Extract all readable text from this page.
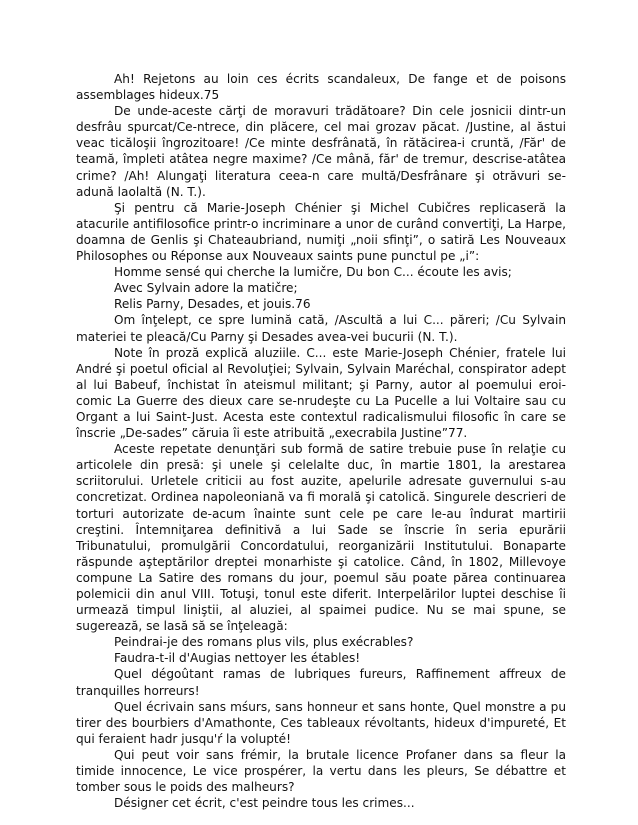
Ah! Rejetons au loin ces écrits scandaleux, De fange et de poisons assemblages hideux.75

De unde-aceste cărţi de moravuri trădătoare? Din cele josnicii dintr-un desfrâu spurcat/Ce-ntrece, din plăcere, cel mai grozav păcat. /Justine, al ăstui veac ticăloşii îngrozitoare! /Ce minte desfrânată, în rătăcirea-i cruntă, /Făr' de teamă, împleti atâtea negre maxime? /Ce mână, făr' de tremur, descrise-atâtea crime? /Ah! Alungaţi literatura ceea-n care multă/Desfrânare şi otrăvuri se-adună laolaltă (N. T.).

Şi pentru că Marie-Joseph Chénier şi Michel Cubičres replicaseră la atacurile antifilosofice printr-o incriminare a unor de curând convertiţi, La Harpe, doamna de Genlis şi Chateaubriand, numiţi „noii sfinţi”, o satiră Les Nouveaux Philosophes ou Réponse aux Nouveaux saints pune punctul pe „i”:

Homme sensé qui cherche la lumičre, Du bon C... écoute les avis;

Avec Sylvain adore la matičre;

Relis Parny, Desades, et jouis.76

Om înţelept, ce spre lumină cată, /Ascultă a lui C... păreri; /Cu Sylvain materiei te pleacă/Cu Parny şi Desades avea-vei bucurii (N. T.).

Note în proză explică aluziile. C... este Marie-Joseph Chénier, fratele lui André şi poetul oficial al Revoluţiei; Sylvain, Sylvain Maréchal, conspirator adept al lui Babeuf, închistat în ateismul militant; şi Parny, autor al poemului eroi-comic La Guerre des dieux care se-nrudeşte cu La Pucelle a lui Voltaire sau cu Organt a lui Saint-Just. Acesta este contextul radicalismului filosofic în care se înscrie „De-sades” căruia îi este atribuită „execrabila Justine”77.

Aceste repetate denunţări sub formă de satire trebuie puse în relaţie cu articolele din presă: şi unele şi celelalte duc, în martie 1801, la arestarea scriitorului. Urletele criticii au fost auzite, apelurile adresate guvernului s-au concretizat. Ordinea napoleoniană va fi morală şi catolică. Singurele descrieri de torturi autorizate de-acum înainte sunt cele pe care le-au îndurat martirii creştini. Întemniţarea definitivă a lui Sade se înscrie în seria epurării Tribunatului, promulgării Concordatului, reorganizării Institutului. Bonaparte răspunde aşteptărilor dreptei monarhiste şi catolice. Când, în 1802, Millevoye compune La Satire des romans du jour, poemul său poate părea continuarea polemicii din anul VIII. Totuşi, tonul este diferit. Interpelărilor luptei deschise îi urmează timpul liniştii, al aluziei, al spaimei pudice. Nu se mai spune, se sugerează, se lasă să se înţeleagă:

Peindrai-je des romans plus vils, plus exécrables?

Faudra-t-il d'Augias nettoyer les étables!

Quel dégoûtant ramas de lubriques fureurs, Raffinement affreux de tranquilles horreurs!

Quel écrivain sans mśurs, sans honneur et sans honte, Quel monstre a pu tirer des bourbiers d'Amathonte, Ces tableaux révoltants, hideux d'impureté, Et qui feraient hadr jusqu'ŕ la volupté!

Qui peut voir sans frémir, la brutale licence Profaner dans sa fleur la timide innocence, Le vice prospérer, la vertu dans les pleurs, Se débattre et tomber sous le poids des malheurs?

Désigner cet écrit, c'est peindre tous les crimes...
